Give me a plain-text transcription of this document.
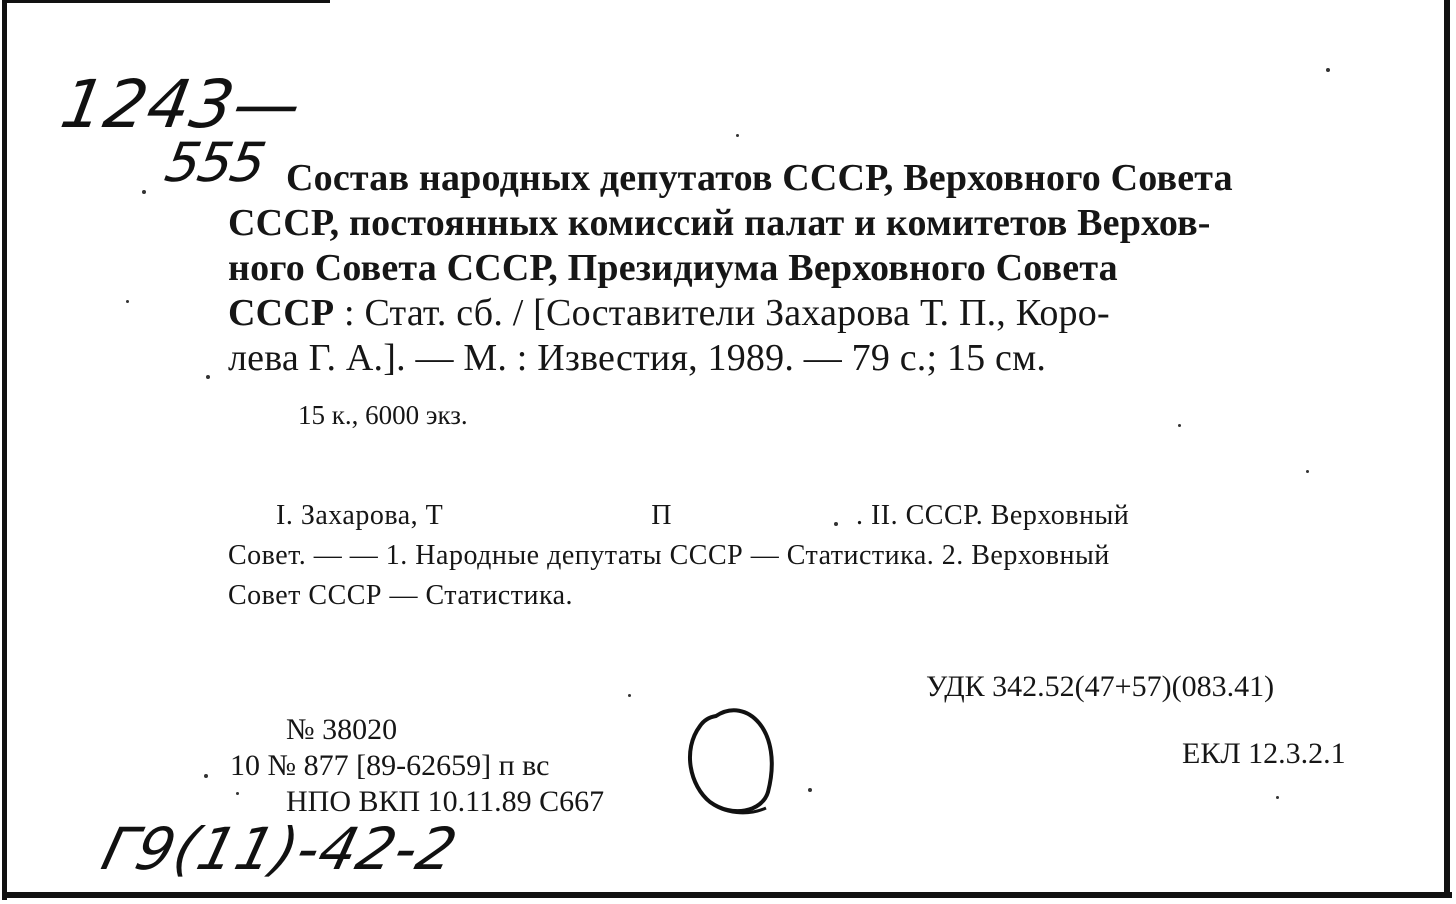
1243—
555 Состав народных депутатов СССР, Верховного Совета
СССР, постоянных комиссий палат и комитетов Верхов-
ного Совета СССР, Президиума Верховного Совета
СССР : Стат. сб. / [Составители Захарова Т. П., Коро-
лева Г. А.]. — М. : Известия, 1989. — 79 с.; 15 см.
15 к., 6000 экз.
I. Захарова, Т	П	. II. СССР. Верховный
Совет. — — 1. Народные депутаты СССР — Статистика. 2. Верховный
Совет СССР — Статистика.
УДК 342.52(47+57)(083.41)
ЕКЛ 12.3.2.1
№ 38020
10 № 877 [89-62659] п вс
НПО ВКП 10.11.89 С667
Г9(11)-42-2
